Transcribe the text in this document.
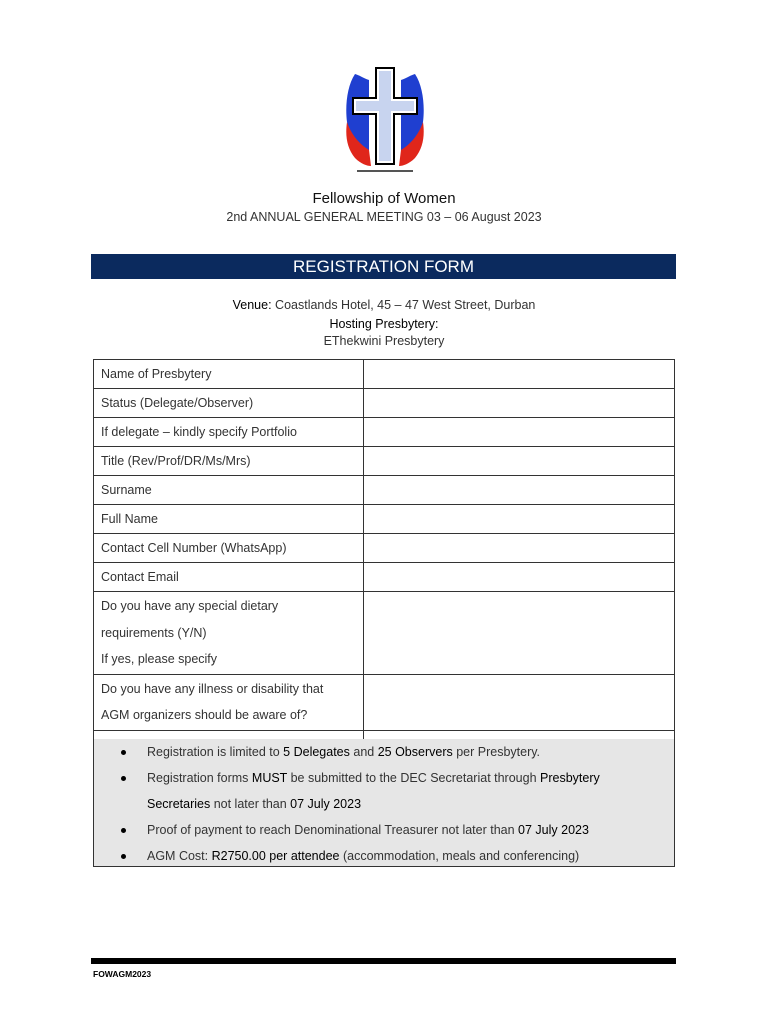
Fellowship of Women
2nd ANNUAL GENERAL MEETING 03 – 06 August 2023
REGISTRATION FORM
Venue: Coastlands Hotel, 45 – 47 West Street, Durban
Hosting Presbytery:
EThekwini Presbytery
Name of Presbytery	
Status (Delegate/Observer)	
If delegate – kindly specify Portfolio	
Title (Rev/Prof/DR/Ms/Mrs)	
Surname	
Full Name	
Contact Cell Number (WhatsApp)	
Contact Email	

Do you have any special dietary
requirements (Y/N)
If yes, please specify	

Do you have any illness or disability that
AGM organizers should be aware of?	

Registration is limited to 5 Delegates and 25 Observers per Presbytery.
Registration forms MUST be submitted to the DEC Secretariat through Presbytery
Secretaries not later than 07 July 2023
Proof of payment to reach Denominational Treasurer not later than 07 July 2023
AGM Cost: R2750.00 per attendee (accommodation, meals and conferencing)
FOWAGM2023
